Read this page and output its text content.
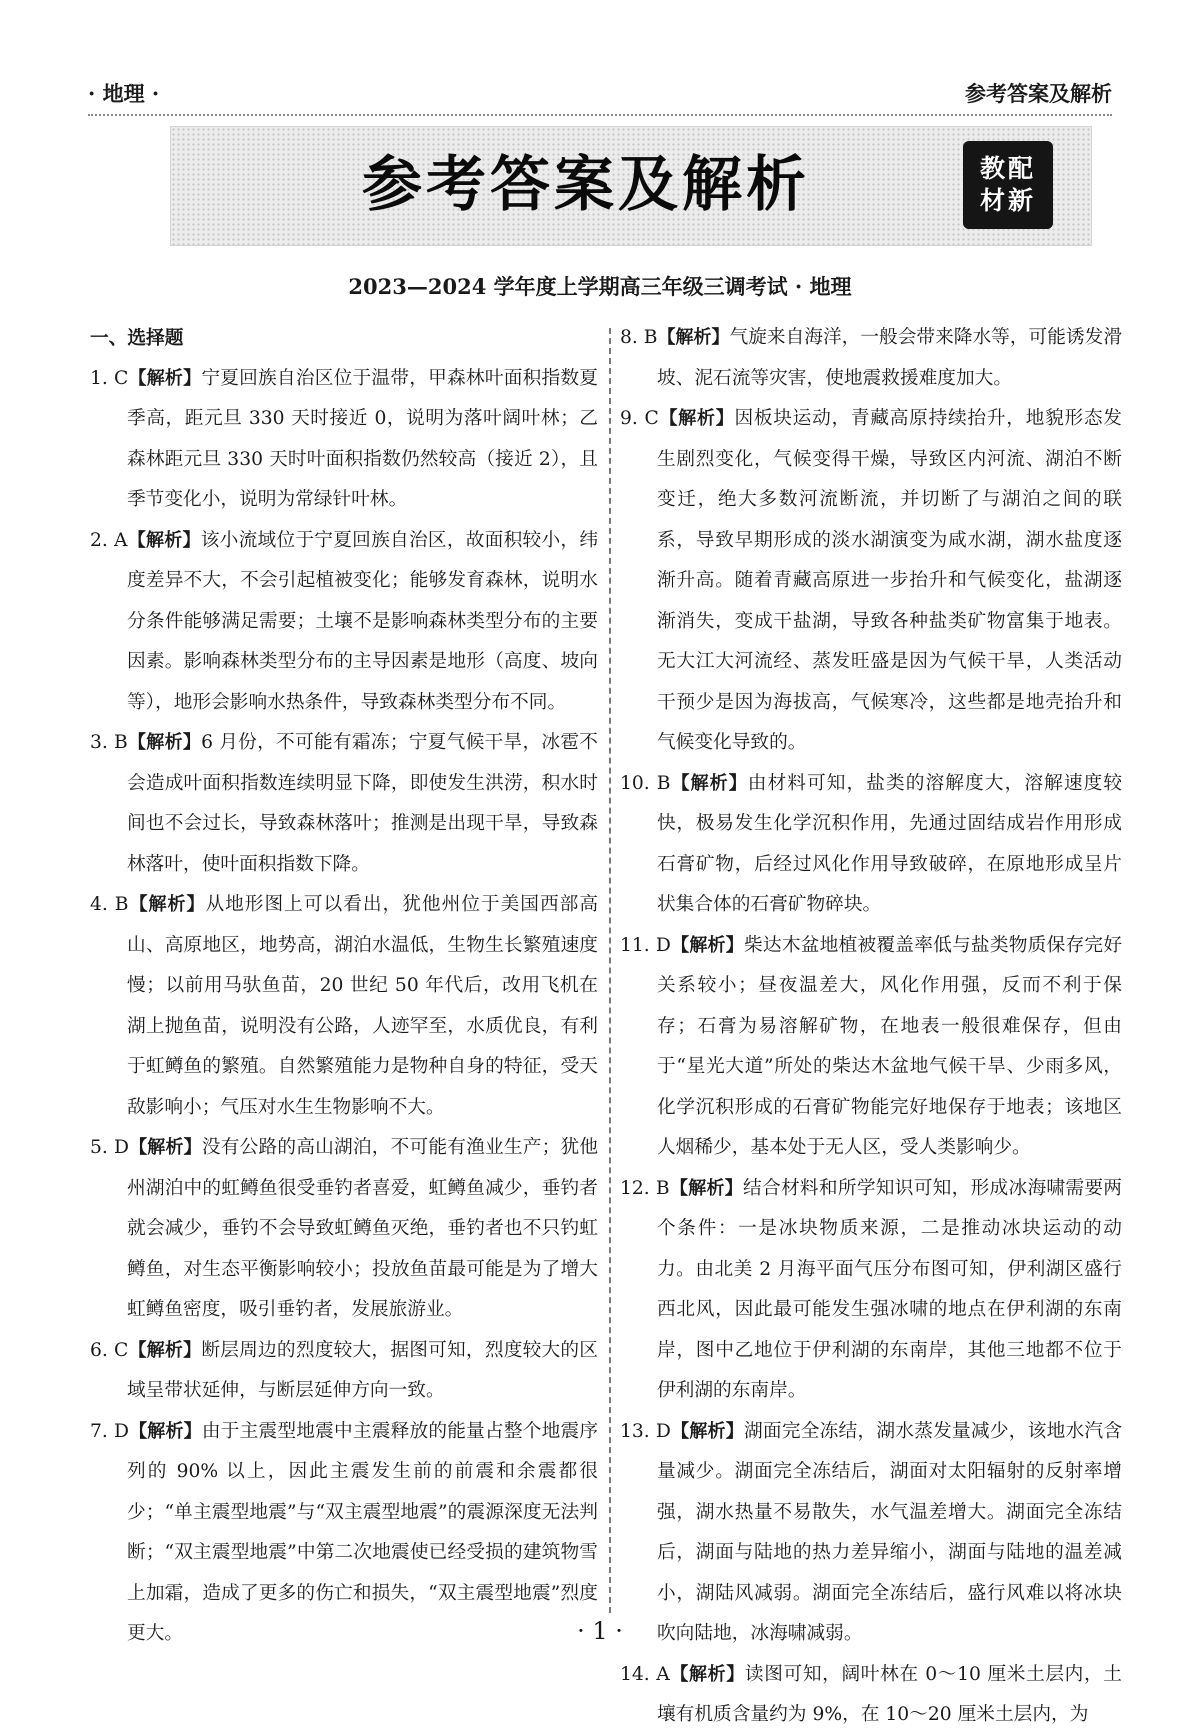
· 地理 ·	参考答案及解析
参考答案及解析	教配
材新
2023—2024 学年度上学期高三年级三调考试 · 地理

一、选择题

1. C【解析】宁夏回族自治区位于温带，甲森林叶面积指数夏季高，距元旦 330 天时接近 0，说明为落叶阔叶林；乙森林距元旦 330 天时叶面积指数仍然较高（接近 2），且季节变化小，说明为常绿针叶林。

2. A【解析】该小流域位于宁夏回族自治区，故面积较小，纬度差异不大，不会引起植被变化；能够发育森林，说明水分条件能够满足需要；土壤不是影响森林类型分布的主要因素。影响森林类型分布的主导因素是地形（高度、坡向等），地形会影响水热条件，导致森林类型分布不同。

3. B【解析】6 月份，不可能有霜冻；宁夏气候干旱，冰雹不会造成叶面积指数连续明显下降，即使发生洪涝，积水时间也不会过长，导致森林落叶；推测是出现干旱，导致森林落叶，使叶面积指数下降。

4. B【解析】从地形图上可以看出，犹他州位于美国西部高山、高原地区，地势高，湖泊水温低，生物生长繁殖速度慢；以前用马驮鱼苗，20 世纪 50 年代后，改用飞机在湖上抛鱼苗，说明没有公路，人迹罕至，水质优良，有利于虹鳟鱼的繁殖。自然繁殖能力是物种自身的特征，受天敌影响小；气压对水生生物影响不大。

5. D【解析】没有公路的高山湖泊，不可能有渔业生产；犹他州湖泊中的虹鳟鱼很受垂钓者喜爱，虹鳟鱼减少，垂钓者就会减少，垂钓不会导致虹鳟鱼灭绝，垂钓者也不只钓虹鳟鱼，对生态平衡影响较小；投放鱼苗最可能是为了增大虹鳟鱼密度，吸引垂钓者，发展旅游业。

6. C【解析】断层周边的烈度较大，据图可知，烈度较大的区域呈带状延伸，与断层延伸方向一致。

7. D【解析】由于主震型地震中主震释放的能量占整个地震序列的 90% 以上，因此主震发生前的前震和余震都很少；“单主震型地震”与“双主震型地震”的震源深度无法判断；“双主震型地震”中第二次地震使已经受损的建筑物雪上加霜，造成了更多的伤亡和损失，“双主震型地震”烈度更大。

8. B【解析】气旋来自海洋，一般会带来降水等，可能诱发滑坡、泥石流等灾害，使地震救援难度加大。

9. C【解析】因板块运动，青藏高原持续抬升，地貌形态发生剧烈变化，气候变得干燥，导致区内河流、湖泊不断变迁，绝大多数河流断流，并切断了与湖泊之间的联系，导致早期形成的淡水湖演变为咸水湖，湖水盐度逐渐升高。随着青藏高原进一步抬升和气候变化，盐湖逐渐消失，变成干盐湖，导致各种盐类矿物富集于地表。无大江大河流经、蒸发旺盛是因为气候干旱，人类活动干预少是因为海拔高，气候寒冷，这些都是地壳抬升和气候变化导致的。

10. B【解析】由材料可知，盐类的溶解度大，溶解速度较快，极易发生化学沉积作用，先通过固结成岩作用形成石膏矿物，后经过风化作用导致破碎，在原地形成呈片状集合体的石膏矿物碎块。

11. D【解析】柴达木盆地植被覆盖率低与盐类物质保存完好关系较小；昼夜温差大，风化作用强，反而不利于保存；石膏为易溶解矿物，在地表一般很难保存，但由于“星光大道”所处的柴达木盆地气候干旱、少雨多风，化学沉积形成的石膏矿物能完好地保存于地表；该地区人烟稀少，基本处于无人区，受人类影响少。

12. B【解析】结合材料和所学知识可知，形成冰海啸需要两个条件：一是冰块物质来源，二是推动冰块运动的动力。由北美 2 月海平面气压分布图可知，伊利湖区盛行西北风，因此最可能发生强冰啸的地点在伊利湖的东南岸，图中乙地位于伊利湖的东南岸，其他三地都不位于伊利湖的东南岸。

13. D【解析】湖面完全冻结，湖水蒸发量减少，该地水汽含量减少。湖面完全冻结后，湖面对太阳辐射的反射率增强，湖水热量不易散失，水气温差增大。湖面完全冻结后，湖面与陆地的热力差异缩小，湖面与陆地的温差减小，湖陆风减弱。湖面完全冻结后，盛行风难以将冰块吹向陆地，冰海啸减弱。

14. A【解析】读图可知，阔叶林在 0～10 厘米土层内，土壤有机质含量约为 9%，在 10～20 厘米土层内，为

· 1 ·
